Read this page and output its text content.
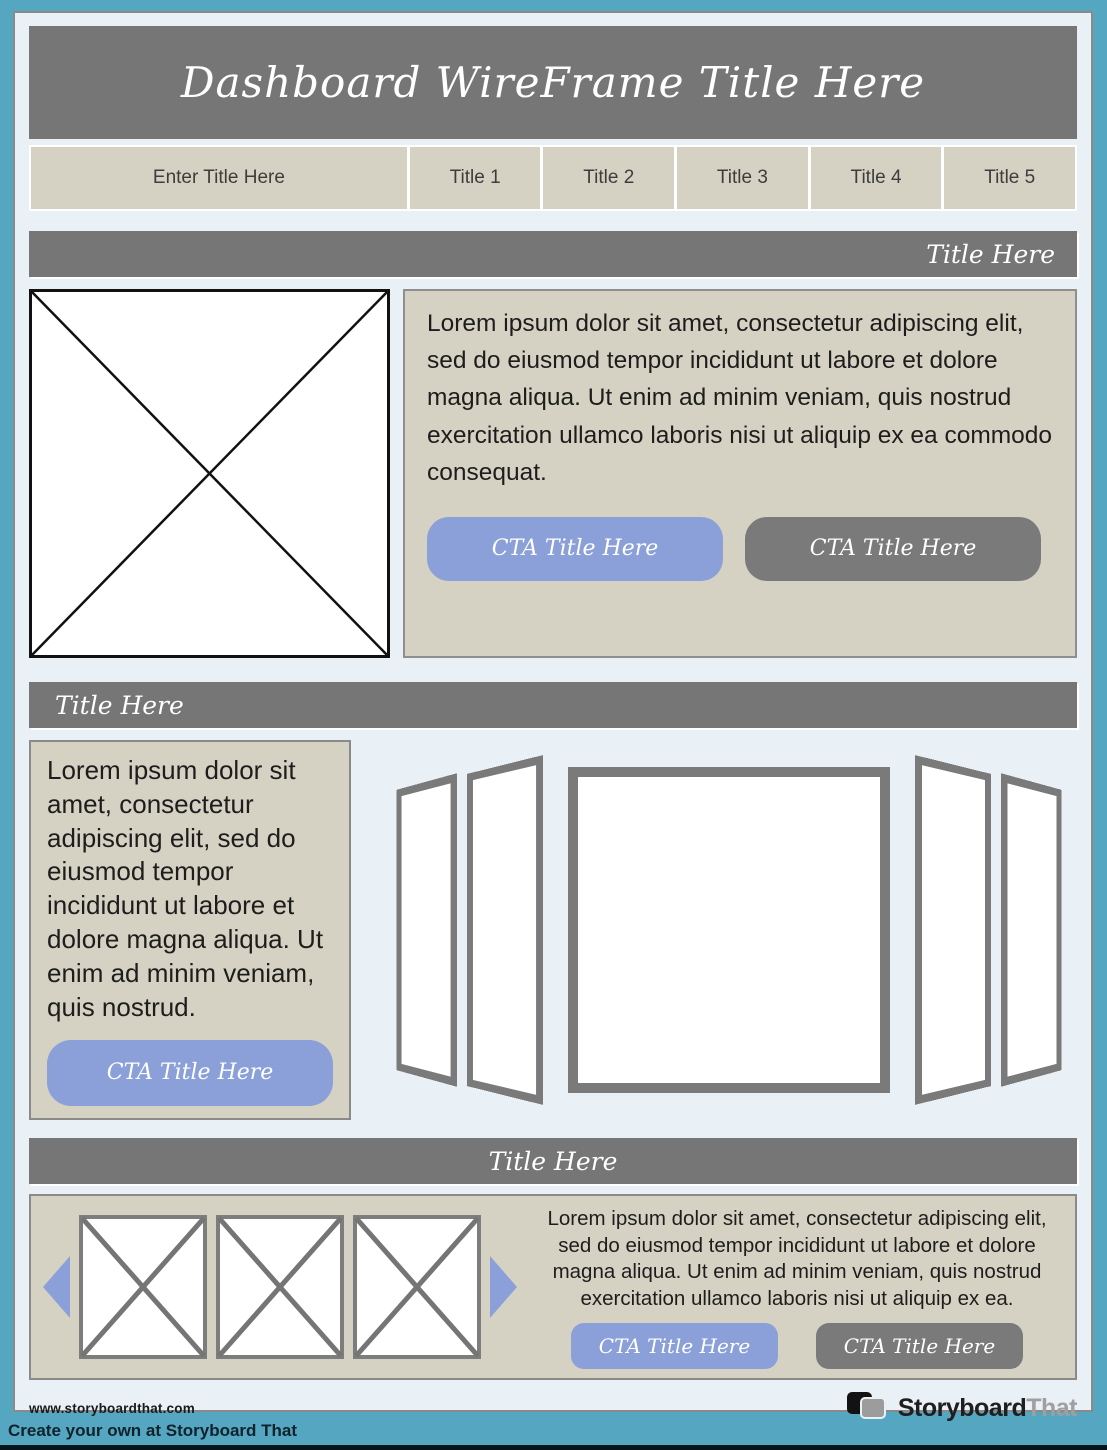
Dashboard WireFrame Title Here
Enter Title Here	Title 1	Title 2	Title 3	Title 4	Title 5
Title Here
Lorem ipsum dolor sit amet, consectetur adipiscing elit, sed do eiusmod tempor incididunt ut labore et dolore magna aliqua. Ut enim ad minim veniam, quis nostrud exercitation ullamco laboris nisi ut aliquip ex ea commodo consequat.
CTA Title Here	CTA Title Here
Title Here
Lorem ipsum dolor sit amet, consectetur adipiscing elit, sed do eiusmod tempor incididunt ut labore et dolore magna aliqua. Ut enim ad minim veniam, quis nostrud.
CTA Title Here
Title Here
Lorem ipsum dolor sit amet, consectetur adipiscing elit, sed do eiusmod tempor incididunt ut labore et dolore magna aliqua. Ut enim ad minim veniam, quis nostrud exercitation ullamco laboris nisi ut aliquip ex ea.
CTA Title Here	CTA Title Here
www.storyboardthat.com	StoryboardThat
Create your own at Storyboard That
